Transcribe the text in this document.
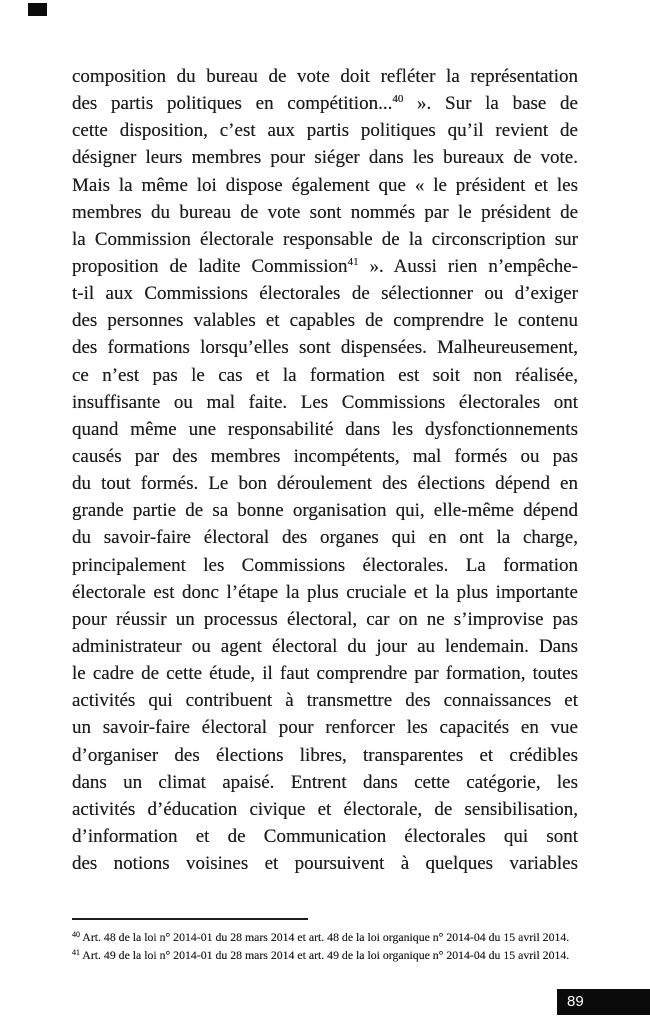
composition du bureau de vote doit refléter la représentation
des partis politiques en compétition...$^{40}$ ». Sur la base de
cette disposition, c’est aux partis politiques qu’il revient de
désigner leurs membres pour siéger dans les bureaux de vote.
Mais la même loi dispose également que « le président et les
membres du bureau de vote sont nommés par le président de
la Commission électorale responsable de la circonscription sur
proposition de ladite Commission$^{41}$ ». Aussi rien n’empêche-
t-il aux Commissions électorales de sélectionner ou d’exiger
des personnes valables et capables de comprendre le contenu
des formations lorsqu’elles sont dispensées. Malheureusement,
ce n’est pas le cas et la formation est soit non réalisée,
insuffisante ou mal faite. Les Commissions électorales ont
quand même une responsabilité dans les dysfonctionnements
causés par des membres incompétents, mal formés ou pas
du tout formés. Le bon déroulement des élections dépend en
grande partie de sa bonne organisation qui, elle-même dépend
du savoir-faire électoral des organes qui en ont la charge,
principalement les Commissions électorales. La formation
électorale est donc l’étape la plus cruciale et la plus importante
pour réussir un processus électoral, car on ne s’improvise pas
administrateur ou agent électoral du jour au lendemain. Dans
le cadre de cette étude, il faut comprendre par formation, toutes
activités qui contribuent à transmettre des connaissances et
un savoir-faire électoral pour renforcer les capacités en vue
d’organiser des élections libres, transparentes et crédibles
dans un climat apaisé. Entrent dans cette catégorie, les
activités d’éducation civique et électorale, de sensibilisation,
d’information et de Communication électorales qui sont
des notions voisines et poursuivent à quelques variables
$^{40}$ Art. 48 de la loi n° 2014-01 du 28 mars 2014 et art. 48 de la loi organique n° 2014-04 du 15 avril 2014.
$^{41}$ Art. 49 de la loi n° 2014-01 du 28 mars 2014 et art. 49 de la loi organique n° 2014-04 du 15 avril 2014.
89
